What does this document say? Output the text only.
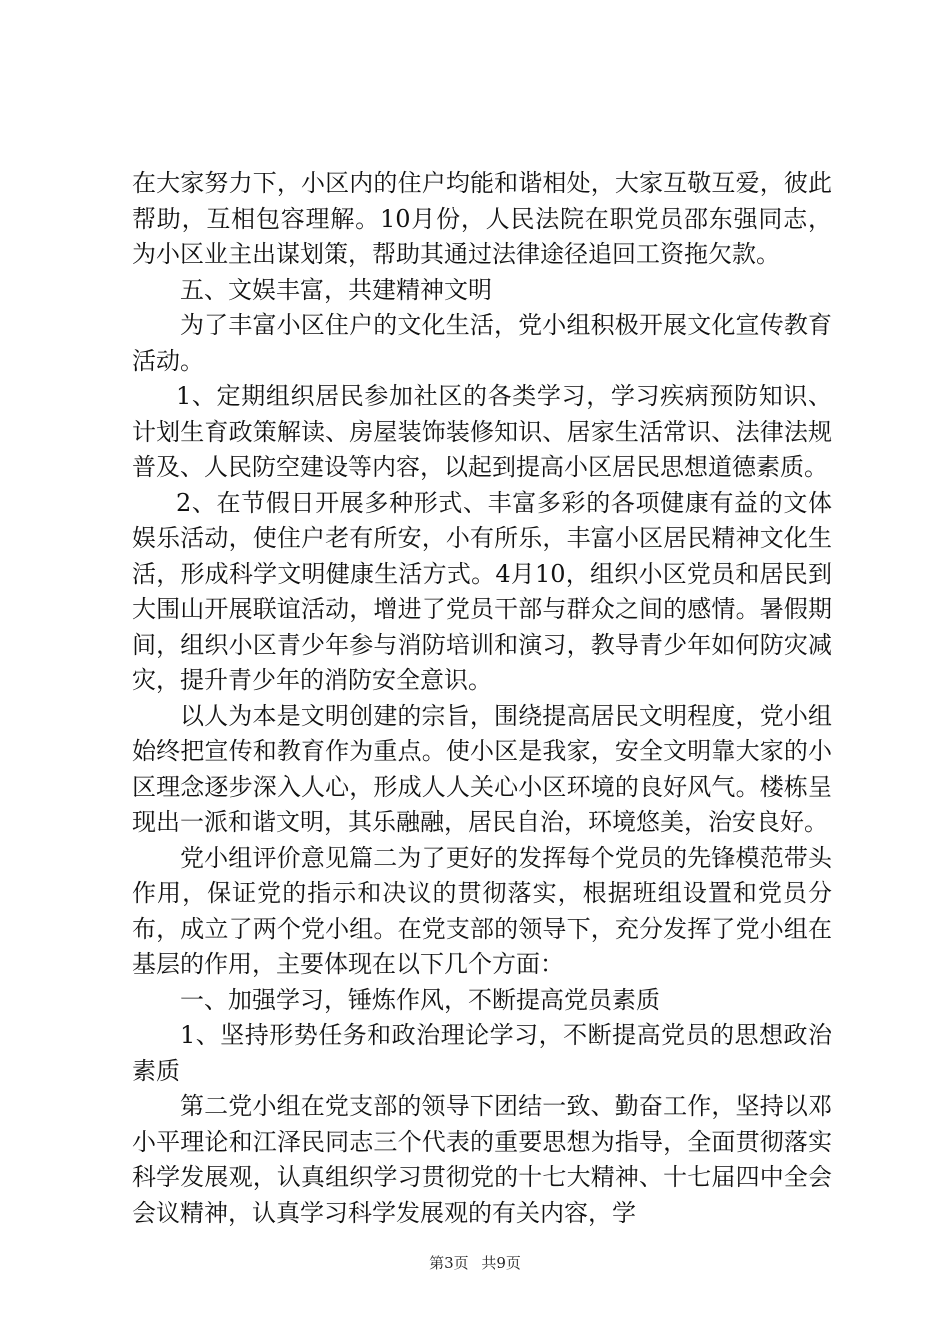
在大家努力下，小区内的住户均能和谐相处，大家互敬互爱，彼此帮助，互相包容理解。10月份，人民法院在职党员邵东强同志，为小区业主出谋划策，帮助其通过法律途径追回工资拖欠款。

五、文娱丰富，共建精神文明

为了丰富小区住户的文化生活，党小组积极开展文化宣传教育活动。

1、定期组织居民参加社区的各类学习，学习疾病预防知识、计划生育政策解读、房屋装饰装修知识、居家生活常识、法律法规普及、人民防空建设等内容，以起到提高小区居民思想道德素质。

2、在节假日开展多种形式、丰富多彩的各项健康有益的文体娱乐活动，使住户老有所安，小有所乐，丰富小区居民精神文化生活，形成科学文明健康生活方式。4月10，组织小区党员和居民到大围山开展联谊活动，增进了党员干部与群众之间的感情。暑假期间，组织小区青少年参与消防培训和演习，教导青少年如何防灾减灾，提升青少年的消防安全意识。

以人为本是文明创建的宗旨，围绕提高居民文明程度，党小组始终把宣传和教育作为重点。使小区是我家，安全文明靠大家的小区理念逐步深入人心，形成人人关心小区环境的良好风气。楼栋呈现出一派和谐文明，其乐融融，居民自治，环境悠美，治安良好。

党小组评价意见篇二为了更好的发挥每个党员的先锋模范带头作用，保证党的指示和决议的贯彻落实，根据班组设置和党员分布，成立了两个党小组。在党支部的领导下，充分发挥了党小组在基层的作用，主要体现在以下几个方面：

一、加强学习，锤炼作风，不断提高党员素质

1、坚持形势任务和政治理论学习，不断提高党员的思想政治素质

第二党小组在党支部的领导下团结一致、勤奋工作，坚持以邓小平理论和江泽民同志三个代表的重要思想为指导，全面贯彻落实科学发展观，认真组织学习贯彻党的十七大精神、十七届四中全会会议精神，认真学习科学发展观的有关内容，学

第3页 共9页
